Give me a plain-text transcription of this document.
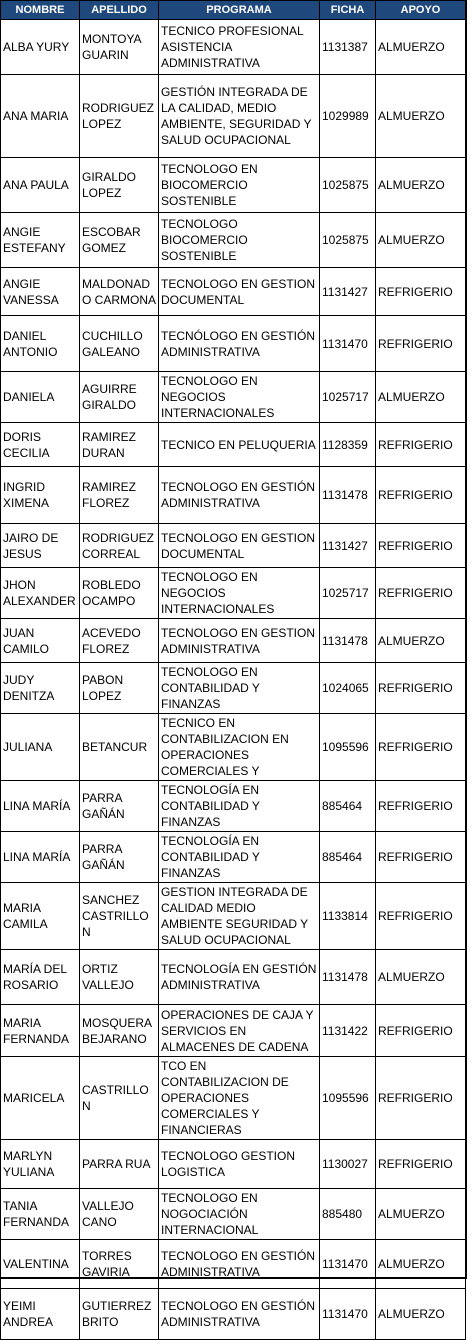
NOMBRE	APELLIDO	PROGRAMA	FICHA	APOYO
ALBA YURY	MONTOYA GUARIN	TECNICO PROFESIONAL ASISTENCIA ADMINISTRATIVA	1131387	ALMUERZO
ANA MARIA	RODRIGUEZ LOPEZ	GESTIÓN INTEGRADA DE LA CALIDAD, MEDIO AMBIENTE, SEGURIDAD Y SALUD OCUPACIONAL	1029989	ALMUERZO
ANA PAULA	GIRALDO LOPEZ	TECNOLOGO EN BIOCOMERCIO SOSTENIBLE	1025875	ALMUERZO
ANGIE ESTEFANY	ESCOBAR GOMEZ	TECNOLOGO BIOCOMERCIO SOSTENIBLE	1025875	ALMUERZO
ANGIE VANESSA	MALDONADO CARMONA	TECNOLOGO EN GESTION DOCUMENTAL	1131427	REFRIGERIO
DANIEL ANTONIO	CUCHILLO GALEANO	TECNÓLOGO EN GESTIÓN ADMINISTRATIVA	1131470	REFRIGERIO
DANIELA	AGUIRRE GIRALDO	TECNOLOGO EN NEGOCIOS INTERNACIONALES	1025717	ALMUERZO
DORIS CECILIA	RAMIREZ DURAN	TECNICO EN PELUQUERIA	1128359	REFRIGERIO
INGRID XIMENA	RAMIREZ FLOREZ	TECNOLOGO EN GESTIÓN ADMINISTRATIVA	1131478	REFRIGERIO
JAIRO DE JESUS	RODRIGUEZ CORREAL	TECNOLOGO EN GESTION DOCUMENTAL	1131427	REFRIGERIO
JHON ALEXANDER	ROBLEDO OCAMPO	TECNOLOGO EN NEGOCIOS INTERNACIONALES	1025717	REFRIGERIO
JUAN CAMILO	ACEVEDO FLOREZ	TECNOLOGO EN GESTION ADMINISTRATIVA	1131478	ALMUERZO
JUDY DENITZA	PABON LOPEZ	TECNOLOGO EN CONTABILIDAD Y FINANZAS	1024065	REFRIGERIO
JULIANA	BETANCUR	TECNICO EN CONTABILIZACION EN OPERACIONES COMERCIALES Y	1095596	REFRIGERIO
LINA MARÍA	PARRA GAÑÁN	TECNOLOGÍA EN CONTABILIDAD Y FINANZAS	885464	REFRIGERIO
LINA MARÍA	PARRA GAÑÁN	TECNOLOGÍA EN CONTABILIDAD Y FINANZAS	885464	REFRIGERIO
MARIA CAMILA	SANCHEZ CASTRILLON	GESTION INTEGRADA DE CALIDAD MEDIO AMBIENTE SEGURIDAD Y SALUD OCUPACIONAL	1133814	REFRIGERIO
MARÍA DEL ROSARIO	ORTIZ VALLEJO	TECNOLOGÍA EN GESTIÓN ADMINISTRATIVA	1131478	ALMUERZO
MARIA FERNANDA	MOSQUERA BEJARANO	OPERACIONES DE CAJA Y SERVICIOS EN ALMACENES DE CADENA	1131422	REFRIGERIO
MARICELA	CASTRILLON	TCO EN CONTABILIZACION DE OPERACIONES COMERCIALES Y FINANCIERAS	1095596	REFRIGERIO
MARLYN YULIANA	PARRA RUA	TECNOLOGO GESTION LOGISTICA	1130027	REFRIGERIO
TANIA FERNANDA	VALLEJO CANO	TECNOLOGO EN NOGOCIACIÓN INTERNACIONAL	885480	ALMUERZO
VALENTINA	TORRES GAVIRIA	TECNOLOGO EN GESTIÓN ADMINISTRATIVA	1131470	ALMUERZO
YEIMI ANDREA	GUTIERREZ BRITO	TECNOLOGO EN GESTIÓN ADMINISTRATIVA	1131470	ALMUERZO
